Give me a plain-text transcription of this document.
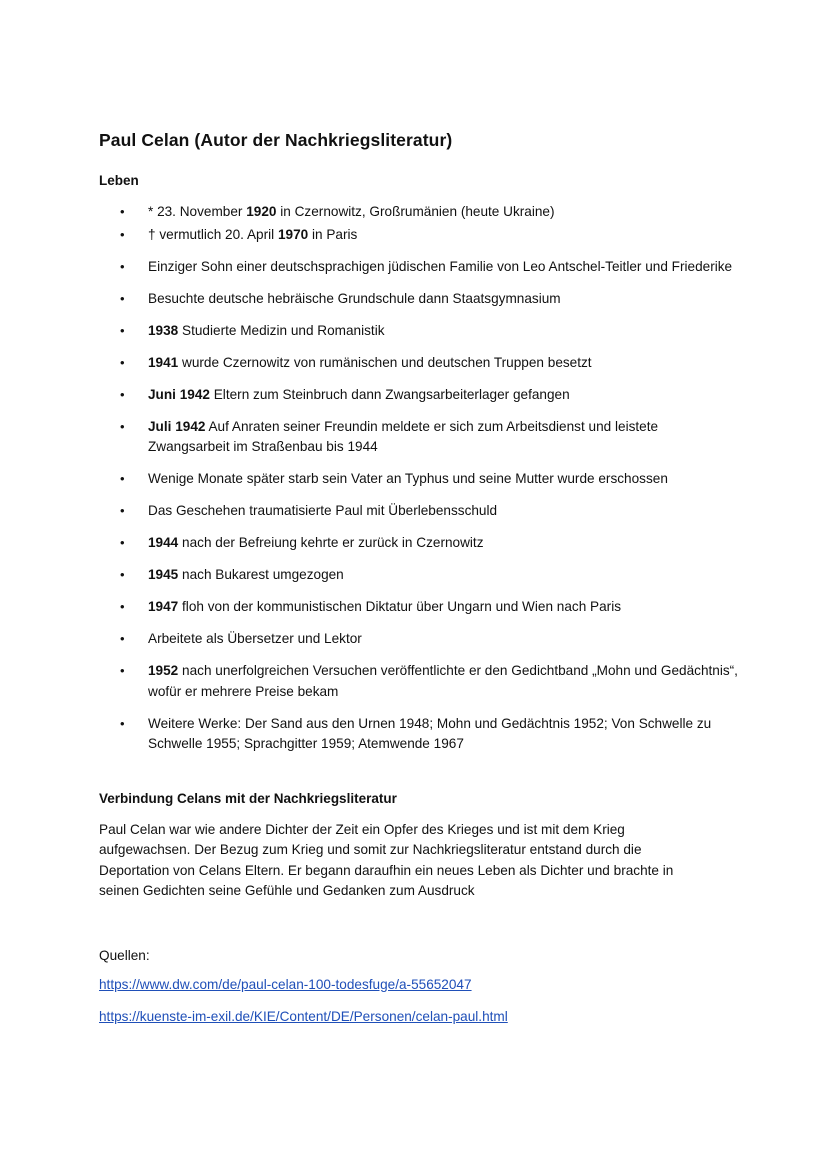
Paul Celan (Autor der Nachkriegsliteratur)
Leben
• * 23. November 1920 in Czernowitz, Großrumänien (heute Ukraine)
• † vermutlich 20. April 1970 in Paris
• Einziger Sohn einer deutschsprachigen jüdischen Familie von Leo Antschel-Teitler und Friederike
• Besuchte deutsche hebräische Grundschule dann Staatsgymnasium
• 1938 Studierte Medizin und Romanistik
• 1941 wurde Czernowitz von rumänischen und deutschen Truppen besetzt
• Juni 1942 Eltern zum Steinbruch dann Zwangsarbeiterlager gefangen
• Juli 1942 Auf Anraten seiner Freundin meldete er sich zum Arbeitsdienst und leistete Zwangsarbeit im Straßenbau bis 1944
• Wenige Monate später starb sein Vater an Typhus und seine Mutter wurde erschossen
• Das Geschehen traumatisierte Paul mit Überlebensschuld
• 1944 nach der Befreiung kehrte er zurück in Czernowitz
• 1945 nach Bukarest umgezogen
• 1947 floh von der kommunistischen Diktatur über Ungarn und Wien nach Paris
• Arbeitete als Übersetzer und Lektor
• 1952 nach unerfolgreichen Versuchen veröffentlichte er den Gedichtband „Mohn und Gedächtnis“, wofür er mehrere Preise bekam
• Weitere Werke: Der Sand aus den Urnen 1948; Mohn und Gedächtnis 1952; Von Schwelle zu Schwelle 1955; Sprachgitter 1959; Atemwende 1967
Verbindung Celans mit der Nachkriegsliteratur

Paul Celan war wie andere Dichter der Zeit ein Opfer des Krieges und ist mit dem Krieg aufgewachsen. Der Bezug zum Krieg und somit zur Nachkriegsliteratur entstand durch die Deportation von Celans Eltern. Er begann daraufhin ein neues Leben als Dichter und brachte in seinen Gedichten seine Gefühle und Gedanken zum Ausdruck

Quellen:

https://www.dw.com/de/paul-celan-100-todesfuge/a-55652047
https://kuenste-im-exil.de/KIE/Content/DE/Personen/celan-paul.html
